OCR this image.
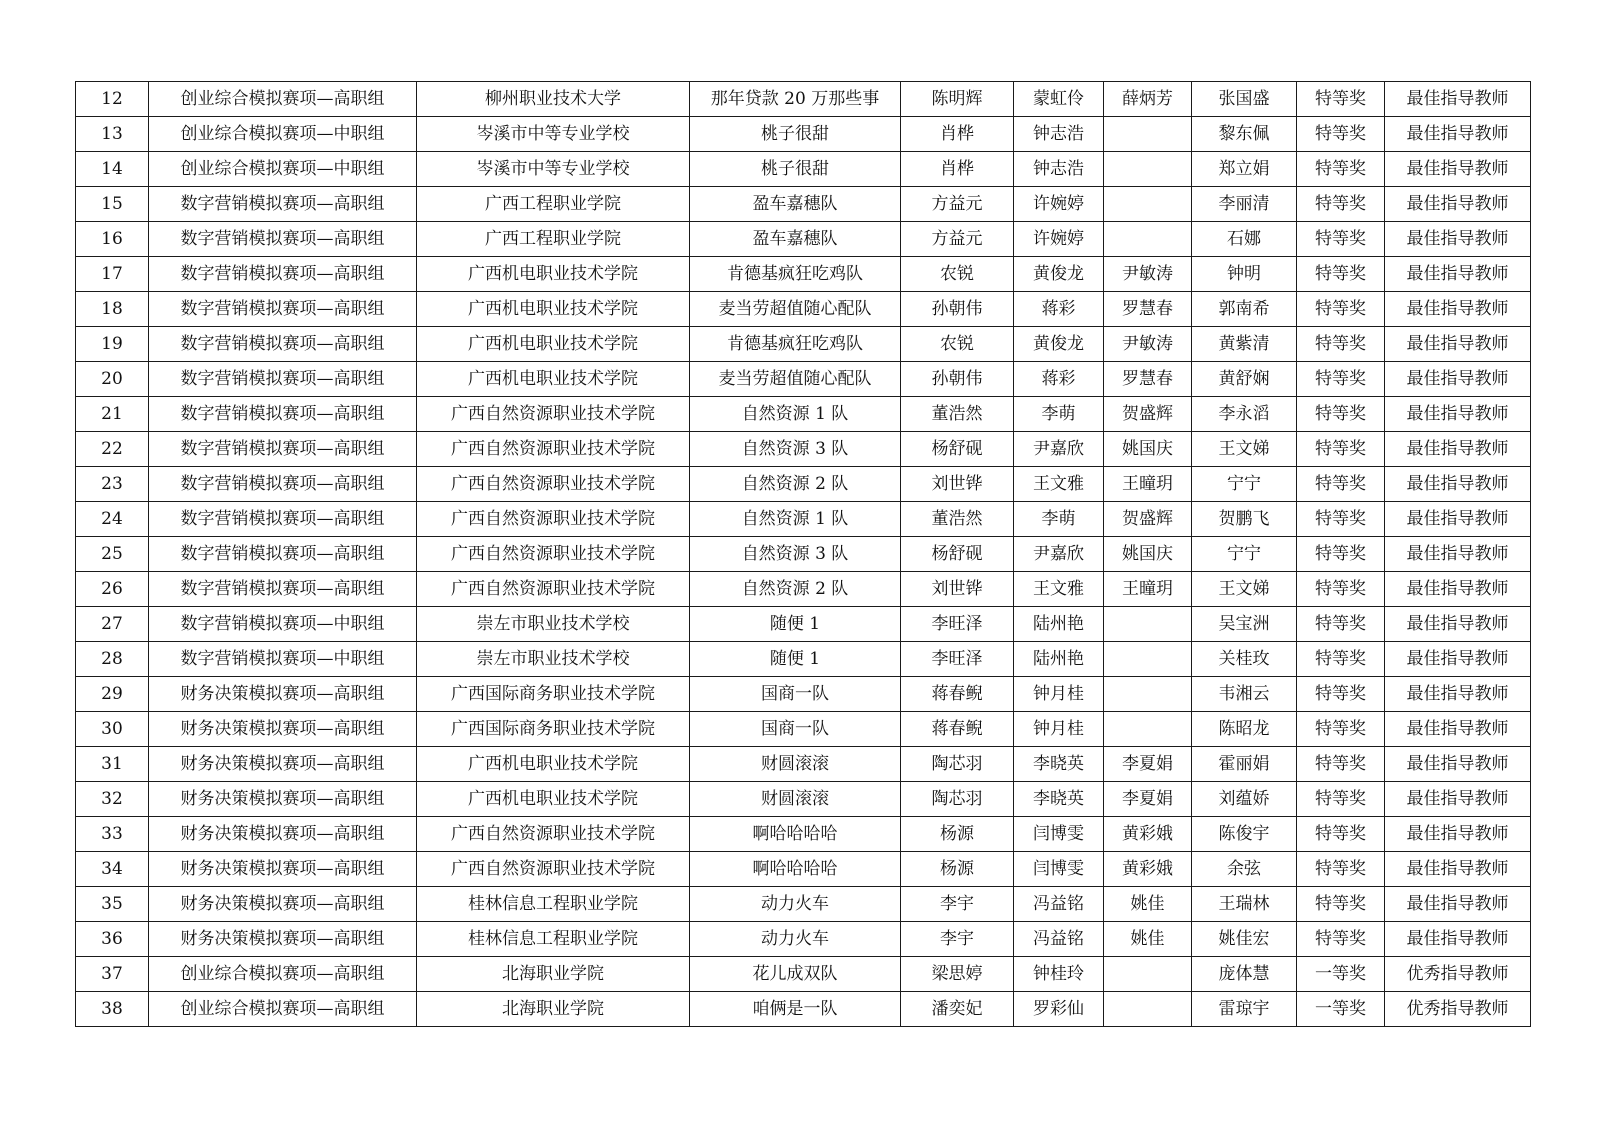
12	创业综合模拟赛项—高职组	柳州职业技术大学	那年贷款 20 万那些事	陈明辉	蒙虹伶	薛炳芳	张国盛	特等奖	最佳指导教师
13	创业综合模拟赛项—中职组	岑溪市中等专业学校	桃子很甜	肖桦	钟志浩		黎东佩	特等奖	最佳指导教师
14	创业综合模拟赛项—中职组	岑溪市中等专业学校	桃子很甜	肖桦	钟志浩		郑立娟	特等奖	最佳指导教师
15	数字营销模拟赛项—高职组	广西工程职业学院	盈车嘉穗队	方益元	许婉婷		李丽清	特等奖	最佳指导教师
16	数字营销模拟赛项—高职组	广西工程职业学院	盈车嘉穗队	方益元	许婉婷		石娜	特等奖	最佳指导教师
17	数字营销模拟赛项—高职组	广西机电职业技术学院	肯德基疯狂吃鸡队	农锐	黄俊龙	尹敏涛	钟明	特等奖	最佳指导教师
18	数字营销模拟赛项—高职组	广西机电职业技术学院	麦当劳超值随心配队	孙朝伟	蒋彩	罗慧春	郭南希	特等奖	最佳指导教师
19	数字营销模拟赛项—高职组	广西机电职业技术学院	肯德基疯狂吃鸡队	农锐	黄俊龙	尹敏涛	黄紫清	特等奖	最佳指导教师
20	数字营销模拟赛项—高职组	广西机电职业技术学院	麦当劳超值随心配队	孙朝伟	蒋彩	罗慧春	黄舒娴	特等奖	最佳指导教师
21	数字营销模拟赛项—高职组	广西自然资源职业技术学院	自然资源 1 队	董浩然	李萌	贺盛辉	李永滔	特等奖	最佳指导教师
22	数字营销模拟赛项—高职组	广西自然资源职业技术学院	自然资源 3 队	杨舒砚	尹嘉欣	姚国庆	王文娣	特等奖	最佳指导教师
23	数字营销模拟赛项—高职组	广西自然资源职业技术学院	自然资源 2 队	刘世铧	王文雅	王曈玥	宁宁	特等奖	最佳指导教师
24	数字营销模拟赛项—高职组	广西自然资源职业技术学院	自然资源 1 队	董浩然	李萌	贺盛辉	贺鹏飞	特等奖	最佳指导教师
25	数字营销模拟赛项—高职组	广西自然资源职业技术学院	自然资源 3 队	杨舒砚	尹嘉欣	姚国庆	宁宁	特等奖	最佳指导教师
26	数字营销模拟赛项—高职组	广西自然资源职业技术学院	自然资源 2 队	刘世铧	王文雅	王曈玥	王文娣	特等奖	最佳指导教师
27	数字营销模拟赛项—中职组	崇左市职业技术学校	随便 1	李旺泽	陆州艳		吴宝洲	特等奖	最佳指导教师
28	数字营销模拟赛项—中职组	崇左市职业技术学校	随便 1	李旺泽	陆州艳		关桂玫	特等奖	最佳指导教师
29	财务决策模拟赛项—高职组	广西国际商务职业技术学院	国商一队	蒋春鲵	钟月桂		韦湘云	特等奖	最佳指导教师
30	财务决策模拟赛项—高职组	广西国际商务职业技术学院	国商一队	蒋春鲵	钟月桂		陈昭龙	特等奖	最佳指导教师
31	财务决策模拟赛项—高职组	广西机电职业技术学院	财圆滚滚	陶芯羽	李晓英	李夏娟	霍丽娟	特等奖	最佳指导教师
32	财务决策模拟赛项—高职组	广西机电职业技术学院	财圆滚滚	陶芯羽	李晓英	李夏娟	刘蕴娇	特等奖	最佳指导教师
33	财务决策模拟赛项—高职组	广西自然资源职业技术学院	啊哈哈哈哈	杨源	闫博雯	黄彩娥	陈俊宇	特等奖	最佳指导教师
34	财务决策模拟赛项—高职组	广西自然资源职业技术学院	啊哈哈哈哈	杨源	闫博雯	黄彩娥	余弦	特等奖	最佳指导教师
35	财务决策模拟赛项—高职组	桂林信息工程职业学院	动力火车	李宇	冯益铭	姚佳	王瑞林	特等奖	最佳指导教师
36	财务决策模拟赛项—高职组	桂林信息工程职业学院	动力火车	李宇	冯益铭	姚佳	姚佳宏	特等奖	最佳指导教师
37	创业综合模拟赛项—高职组	北海职业学院	花儿成双队	梁思婷	钟桂玲		庞体慧	一等奖	优秀指导教师
38	创业综合模拟赛项—高职组	北海职业学院	咱俩是一队	潘奕妃	罗彩仙		雷琼宇	一等奖	优秀指导教师
